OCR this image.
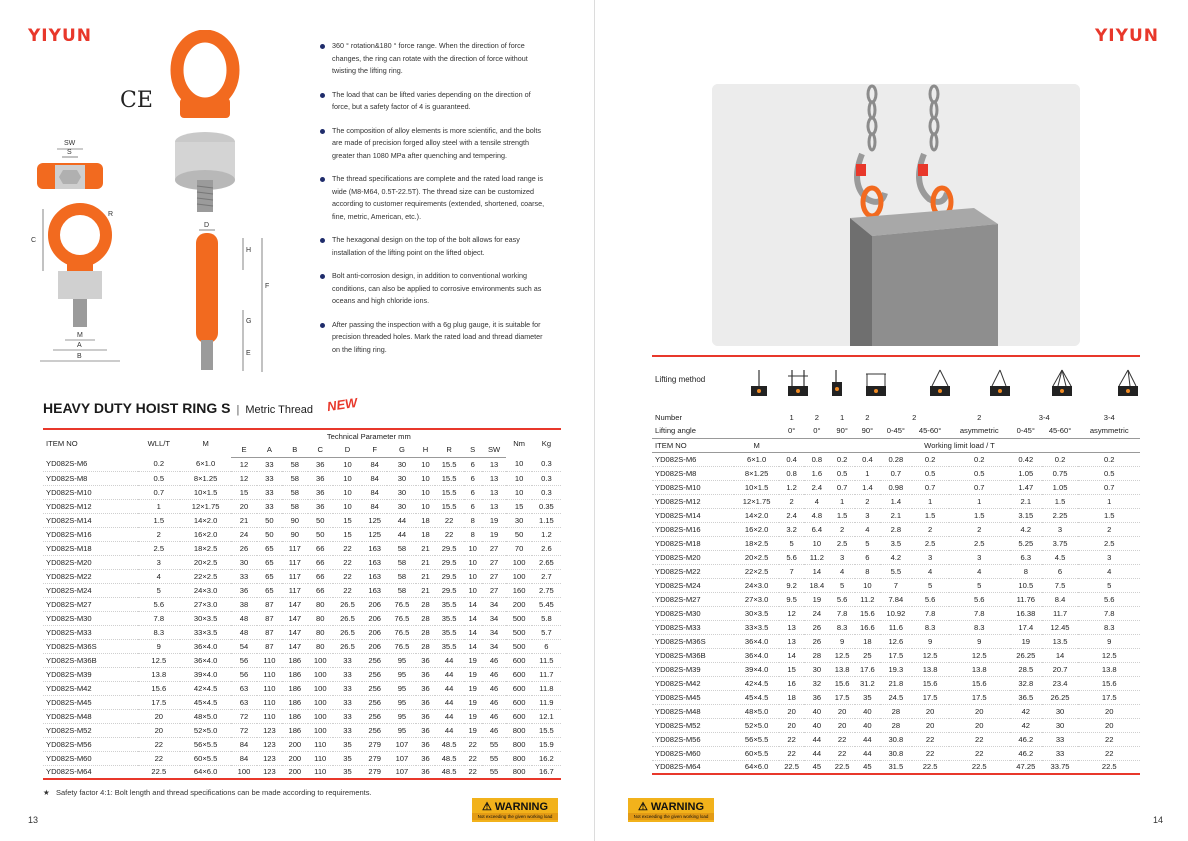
YIYUN
CE
SW
S
R
C
M
A
B
D
H
F
G
E
360 ° rotation&180 ° force range. When the direction of force changes, the ring can rotate with the direction of force without twisting the lifting ring.
The load that can be lifted varies depending on the direction of force, but a safety factor of 4 is guaranteed.
The composition of alloy elements is more scientific, and the bolts are made of precision forged alloy steel with a tensile strength greater than 1080 MPa after quenching and tempering.
The thread specifications are complete and the rated load range is wide (M8-M64, 0.5T-22.5T). The thread size can be customized according to customer requirements (extended, shortened, coarse, fine, metric, American, etc.).
The hexagonal design on the top of the bolt allows for easy installation of the lifting point on the lifted object.
Bolt anti-corrosion design, in addition to conventional working conditions, can also be applied to corrosive environments such as oceans and high chloride ions.
After passing the inspection with a 6g plug gauge, it is suitable for precision threaded holes. Mark the rated load and thread diameter on the lifting ring.
HEAVY DUTY HOIST RING S | Metric Thread NEW
ITEM NO	WLL/T	M	Technical Parameter mm											Nm	Kg
			E	A	B	C	D	F	G	H	R	S	SW		
YD082S-M6	0.2	6×1.0	12	33	58	36	10	84	30	10	15.5	6	13	10	0.3
YD082S-M8	0.5	8×1.25	12	33	58	36	10	84	30	10	15.5	6	13	10	0.3
YD082S-M10	0.7	10×1.5	15	33	58	36	10	84	30	10	15.5	6	13	10	0.3
YD082S-M12	1	12×1.75	20	33	58	36	10	84	30	10	15.5	6	13	15	0.35
YD082S-M14	1.5	14×2.0	21	50	90	50	15	125	44	18	22	8	19	30	1.15
YD082S-M16	2	16×2.0	24	50	90	50	15	125	44	18	22	8	19	50	1.2
YD082S-M18	2.5	18×2.5	26	65	117	66	22	163	58	21	29.5	10	27	70	2.6
YD082S-M20	3	20×2.5	30	65	117	66	22	163	58	21	29.5	10	27	100	2.65
YD082S-M22	4	22×2.5	33	65	117	66	22	163	58	21	29.5	10	27	100	2.7
YD082S-M24	5	24×3.0	36	65	117	66	22	163	58	21	29.5	10	27	160	2.75
YD082S-M27	5.6	27×3.0	38	87	147	80	26.5	206	76.5	28	35.5	14	34	200	5.45
YD082S-M30	7.8	30×3.5	48	87	147	80	26.5	206	76.5	28	35.5	14	34	500	5.8
YD082S-M33	8.3	33×3.5	48	87	147	80	26.5	206	76.5	28	35.5	14	34	500	5.7
YD082S-M36S	9	36×4.0	54	87	147	80	26.5	206	76.5	28	35.5	14	34	500	6
YD082S-M36B	12.5	36×4.0	56	110	186	100	33	256	95	36	44	19	46	600	11.5
YD082S-M39	13.8	39×4.0	56	110	186	100	33	256	95	36	44	19	46	600	11.7
YD082S-M42	15.6	42×4.5	63	110	186	100	33	256	95	36	44	19	46	600	11.8
YD082S-M45	17.5	45×4.5	63	110	186	100	33	256	95	36	44	19	46	600	11.9
YD082S-M48	20	48×5.0	72	110	186	100	33	256	95	36	44	19	46	600	12.1
YD082S-M52	20	52×5.0	72	123	186	100	33	256	95	36	44	19	46	800	15.5
YD082S-M56	22	56×5.5	84	123	200	110	35	279	107	36	48.5	22	55	800	15.9
YD082S-M60	22	60×5.5	84	123	200	110	35	279	107	36	48.5	22	55	800	16.2
YD082S-M64	22.5	64×6.0	100	123	200	110	35	279	107	36	48.5	22	55	800	16.7
★ Safety factor 4:1: Bolt length and thread specifications can be made according to requirements.
⚠ WARNING
Not exceeding the given working load
13
YIYUN
14
Lifting method
Number		1	2	1	2	2		2	3-4		3-4
Lifting angle		0°	0°	90°	90°	0-45°	45-60°	asymmetric	0-45°	45-60°	asymmetric
ITEM NO	M	Working limit load / T									
YD082S-M6	6×1.0	0.4	0.8	0.2	0.4	0.28	0.2	0.2	0.42	0.2	0.2
YD082S-M8	8×1.25	0.8	1.6	0.5	1	0.7	0.5	0.5	1.05	0.75	0.5
YD082S-M10	10×1.5	1.2	2.4	0.7	1.4	0.98	0.7	0.7	1.47	1.05	0.7
YD082S-M12	12×1.75	2	4	1	2	1.4	1	1	2.1	1.5	1
YD082S-M14	14×2.0	2.4	4.8	1.5	3	2.1	1.5	1.5	3.15	2.25	1.5
YD082S-M16	16×2.0	3.2	6.4	2	4	2.8	2	2	4.2	3	2
YD082S-M18	18×2.5	5	10	2.5	5	3.5	2.5	2.5	5.25	3.75	2.5
YD082S-M20	20×2.5	5.6	11.2	3	6	4.2	3	3	6.3	4.5	3
YD082S-M22	22×2.5	7	14	4	8	5.5	4	4	8	6	4
YD082S-M24	24×3.0	9.2	18.4	5	10	7	5	5	10.5	7.5	5
YD082S-M27	27×3.0	9.5	19	5.6	11.2	7.84	5.6	5.6	11.76	8.4	5.6
YD082S-M30	30×3.5	12	24	7.8	15.6	10.92	7.8	7.8	16.38	11.7	7.8
YD082S-M33	33×3.5	13	26	8.3	16.6	11.6	8.3	8.3	17.4	12.45	8.3
YD082S-M36S	36×4.0	13	26	9	18	12.6	9	9	19	13.5	9
YD082S-M36B	36×4.0	14	28	12.5	25	17.5	12.5	12.5	26.25	14	12.5
YD082S-M39	39×4.0	15	30	13.8	17.6	19.3	13.8	13.8	28.5	20.7	13.8
YD082S-M42	42×4.5	16	32	15.6	31.2	21.8	15.6	15.6	32.8	23.4	15.6
YD082S-M45	45×4.5	18	36	17.5	35	24.5	17.5	17.5	36.5	26.25	17.5
YD082S-M48	48×5.0	20	40	20	40	28	20	20	42	30	20
YD082S-M52	52×5.0	20	40	20	40	28	20	20	42	30	20
YD082S-M56	56×5.5	22	44	22	44	30.8	22	22	46.2	33	22
YD082S-M60	60×5.5	22	44	22	44	30.8	22	22	46.2	33	22
YD082S-M64	64×6.0	22.5	45	22.5	45	31.5	22.5	22.5	47.25	33.75	22.5
⚠ WARNING
Not exceeding the given working load
